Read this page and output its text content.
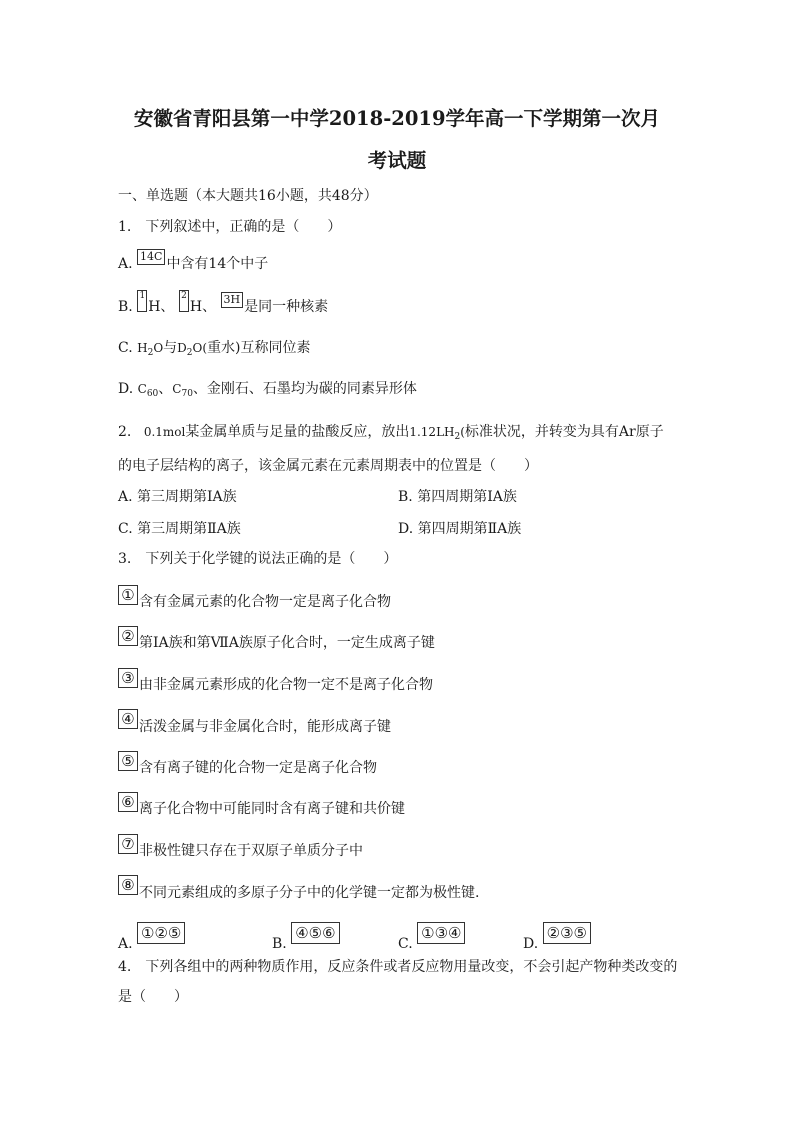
安徽省青阳县第一中学2018-2019学年高一下学期第一次月
考试题
一、单选题（本大题共16小题，共48分）
1.　下列叙述中，正确的是（　　）
A. 14C 中含有14个中子
B. 1H、 2H、 3H 是同一种核素
C. $H_2O$与$D_2O$(重水)互称同位素
D. $C_{60}$、$C_{70}$、金刚石、石墨均为碳的同素异形体
2. 0.1mol某金属单质与足量的盐酸反应，放出$1.12LH_2$(标准状况，并转变为具有Ar原子
的电子层结构的离子，该金属元素在元素周期表中的位置是（　　）
A. 第三周期第IA族	B. 第四周期第IA族
C. 第三周期第ⅡA族	D. 第四周期第ⅡA族
3.　下列关于化学键的说法正确的是（　　）
① 含有金属元素的化合物一定是离子化合物
② 第ⅠA族和第ⅦA族原子化合时，一定生成离子键
③ 由非金属元素形成的化合物一定不是离子化合物
④ 活泼金属与非金属化合时，能形成离子键
⑤ 含有离子键的化合物一定是离子化合物
⑥ 离子化合物中可能同时含有离子键和共价键
⑦ 非极性键只存在于双原子单质分子中
⑧ 不同元素组成的多原子分子中的化学键一定都为极性键.
A. ①②⑤
B. ④⑤⑥
C. ①③④
D. ②③⑤
4.　下列各组中的两种物质作用，反应条件或者反应物用量改变，不会引起产物种类改变的
是（　　）
